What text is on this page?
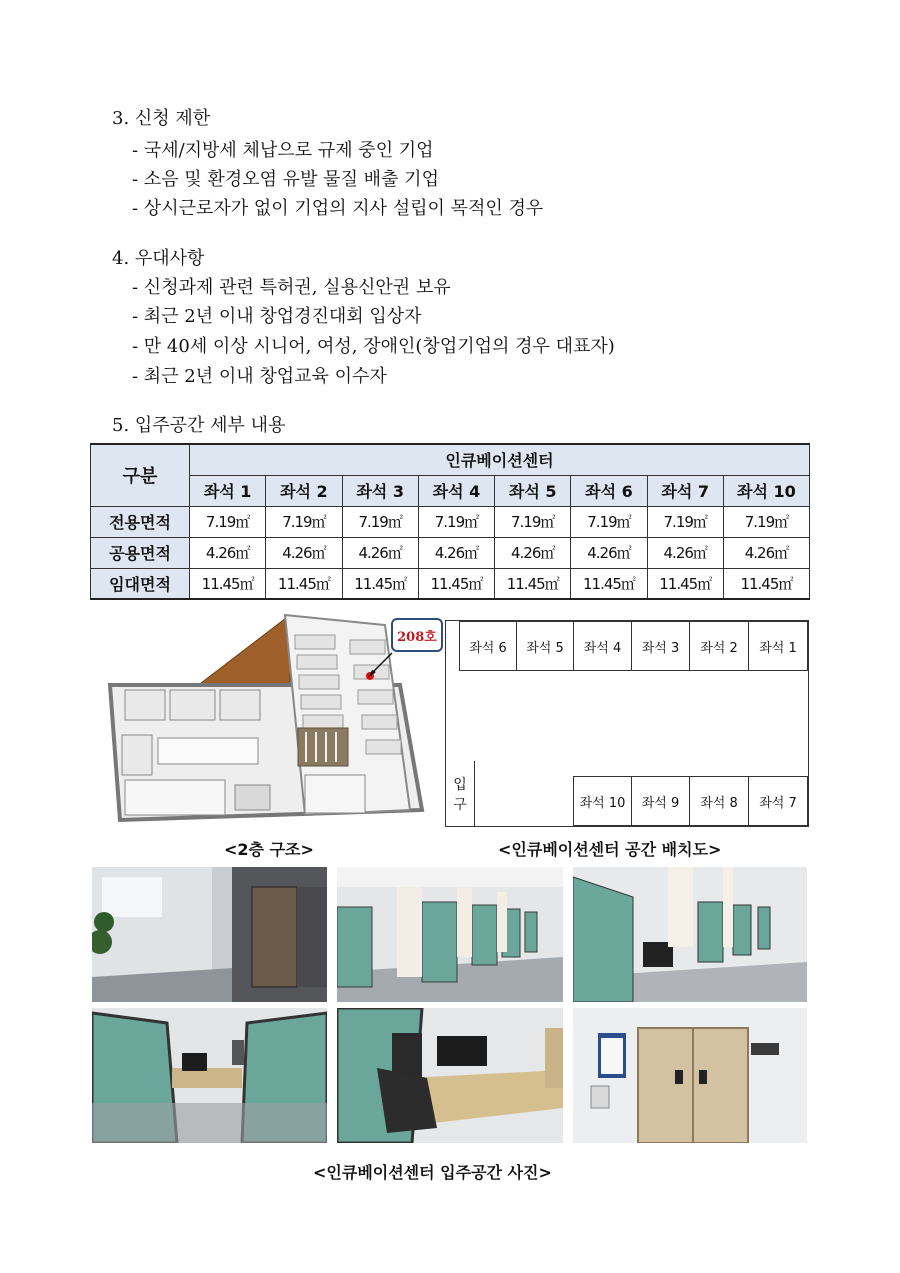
3. 신청 제한
- 국세/지방세 체납으로 규제 중인 기업
- 소음 및 환경오염 유발 물질 배출 기업
- 상시근로자가 없이 기업의 지사 설립이 목적인 경우
4. 우대사항
- 신청과제 관련 특허권, 실용신안권 보유
- 최근 2년 이내 창업경진대회 입상자
- 만 40세 이상 시니어, 여성, 장애인(창업기업의 경우 대표자)
- 최근 2년 이내 창업교육 이수자
5. 입주공간 세부 내용
구분	인큐베이션센터							
	좌석 1	좌석 2	좌석 3	좌석 4	좌석 5	좌석 6	좌석 7	좌석 10
전용면적	7.19㎡	7.19㎡	7.19㎡	7.19㎡	7.19㎡	7.19㎡	7.19㎡	7.19㎡
공용면적	4.26㎡	4.26㎡	4.26㎡	4.26㎡	4.26㎡	4.26㎡	4.26㎡	4.26㎡
임대면적	11.45㎡	11.45㎡	11.45㎡	11.45㎡	11.45㎡	11.45㎡	11.45㎡	11.45㎡
208호
좌석 6	좌석 5	좌석 4	좌석 3	좌석 2	좌석 1
좌석 10	좌석 9	좌석 8	좌석 7
입
구
<2층 구조>	<인큐베이션센터 공간 배치도>
<인큐베이션센터 입주공간 사진>
